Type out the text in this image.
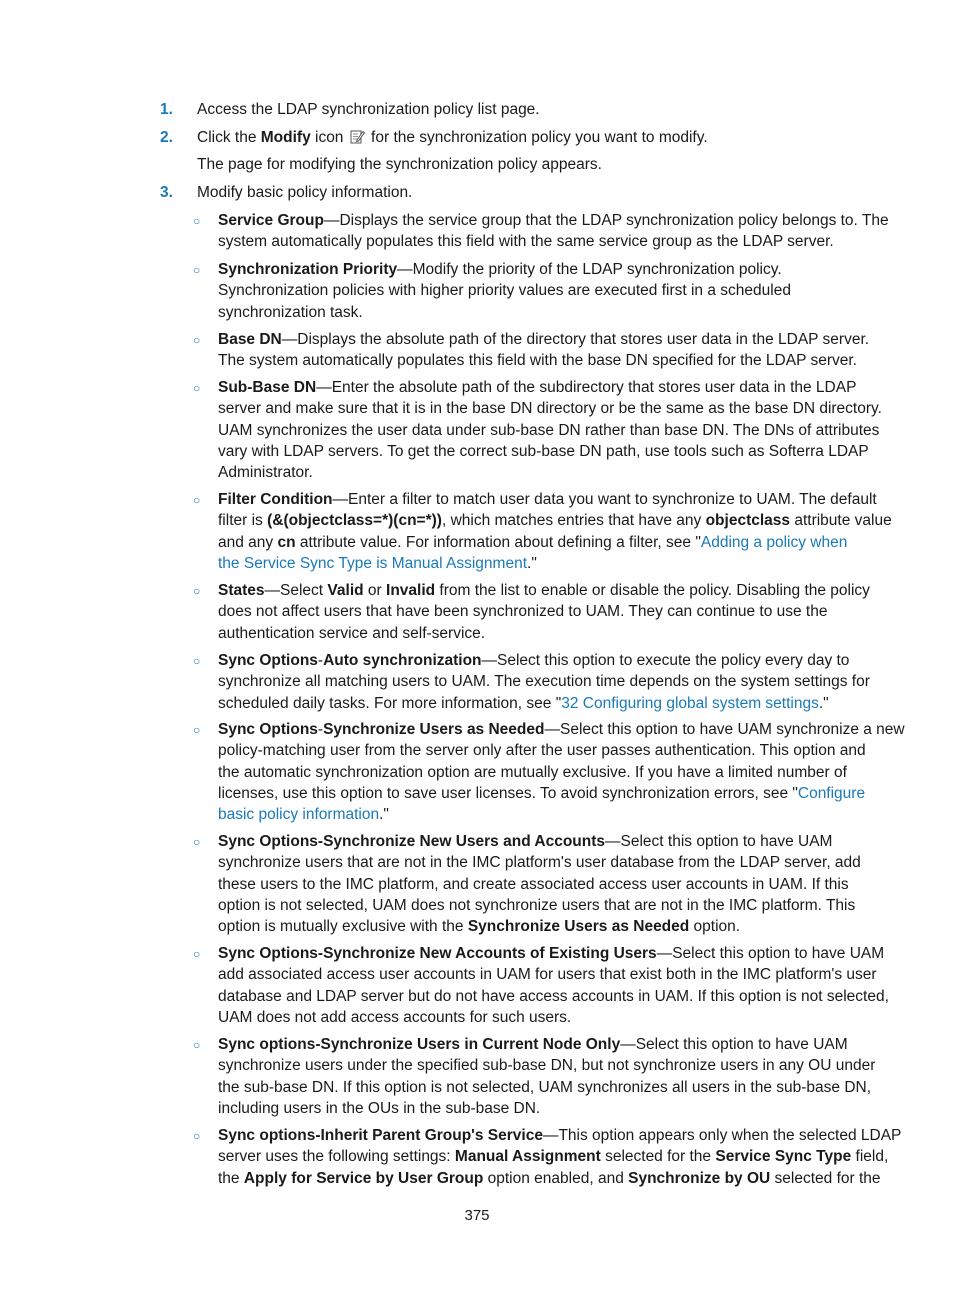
1. Access the LDAP synchronization policy list page.
2. Click the Modify icon  for the synchronization policy you want to modify.
The page for modifying the synchronization policy appears.
3. Modify basic policy information.
○	Service Group—Displays the service group that the LDAP synchronization policy belongs to. The
system automatically populates this field with the same service group as the LDAP server.
○	Synchronization Priority—Modify the priority of the LDAP synchronization policy.
Synchronization policies with higher priority values are executed first in a scheduled
synchronization task.
○	Base DN—Displays the absolute path of the directory that stores user data in the LDAP server.
The system automatically populates this field with the base DN specified for the LDAP server.
○	Sub-Base DN—Enter the absolute path of the subdirectory that stores user data in the LDAP
server and make sure that it is in the base DN directory or be the same as the base DN directory.
UAM synchronizes the user data under sub-base DN rather than base DN. The DNs of attributes
vary with LDAP servers. To get the correct sub-base DN path, use tools such as Softerra LDAP
Administrator.
○	Filter Condition—Enter a filter to match user data you want to synchronize to UAM. The default
filter is (&(objectclass=*)(cn=*)), which matches entries that have any objectclass attribute value
and any cn attribute value. For information about defining a filter, see "Adding a policy when
the Service Sync Type is Manual Assignment."
○	States—Select Valid or Invalid from the list to enable or disable the policy. Disabling the policy
does not affect users that have been synchronized to UAM. They can continue to use the
authentication service and self-service.
○	Sync Options-Auto synchronization—Select this option to execute the policy every day to
synchronize all matching users to UAM. The execution time depends on the system settings for
scheduled daily tasks. For more information, see "32 Configuring global system settings."
○	Sync Options-Synchronize Users as Needed—Select this option to have UAM synchronize a new
policy-matching user from the server only after the user passes authentication. This option and
the automatic synchronization option are mutually exclusive. If you have a limited number of
licenses, use this option to save user licenses. To avoid synchronization errors, see "Configure
basic policy information."
○	Sync Options-Synchronize New Users and Accounts—Select this option to have UAM
synchronize users that are not in the IMC platform's user database from the LDAP server, add
these users to the IMC platform, and create associated access user accounts in UAM. If this
option is not selected, UAM does not synchronize users that are not in the IMC platform. This
option is mutually exclusive with the Synchronize Users as Needed option.
○	Sync Options-Synchronize New Accounts of Existing Users—Select this option to have UAM
add associated access user accounts in UAM for users that exist both in the IMC platform's user
database and LDAP server but do not have access accounts in UAM. If this option is not selected,
UAM does not add access accounts for such users.
○	Sync options-Synchronize Users in Current Node Only—Select this option to have UAM
synchronize users under the specified sub-base DN, but not synchronize users in any OU under
the sub-base DN. If this option is not selected, UAM synchronizes all users in the sub-base DN,
including users in the OUs in the sub-base DN.
○	Sync options-Inherit Parent Group's Service—This option appears only when the selected LDAP
server uses the following settings: Manual Assignment selected for the Service Sync Type field,
the Apply for Service by User Group option enabled, and Synchronize by OU selected for the
375
